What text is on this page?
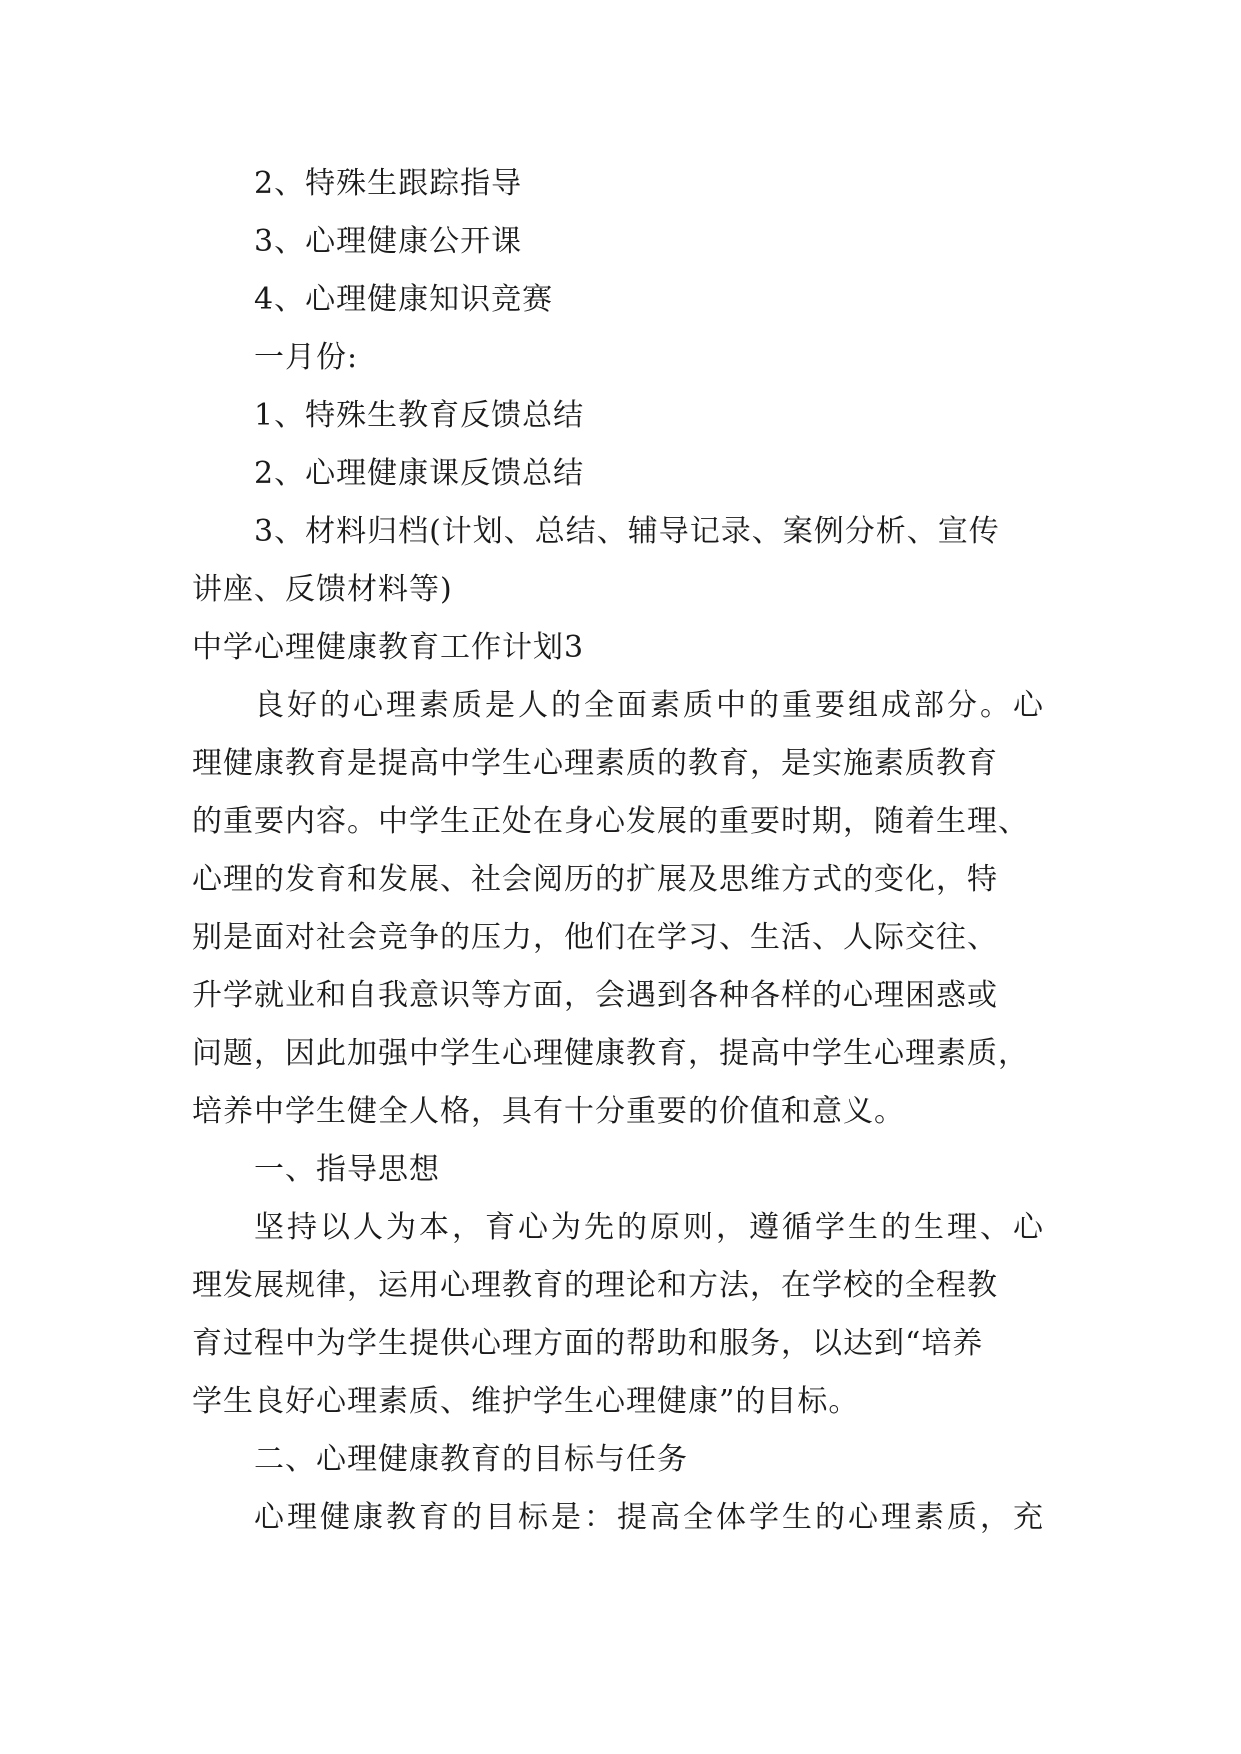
2、特殊生跟踪指导
3、心理健康公开课
4、心理健康知识竞赛
一月份:
1、特殊生教育反馈总结
2、心理健康课反馈总结
3、材料归档(计划、总结、辅导记录、案例分析、宣传
讲座、反馈材料等)
中学心理健康教育工作计划3
良好的心理素质是人的全面素质中的重要组成部分。心
理健康教育是提高中学生心理素质的教育，是实施素质教育
的重要内容。中学生正处在身心发展的重要时期，随着生理、
心理的发育和发展、社会阅历的扩展及思维方式的变化，特
别是面对社会竞争的压力，他们在学习、生活、人际交往、
升学就业和自我意识等方面，会遇到各种各样的心理困惑或
问题，因此加强中学生心理健康教育，提高中学生心理素质，
培养中学生健全人格，具有十分重要的价值和意义。
一、指导思想
坚持以人为本，育心为先的原则，遵循学生的生理、心
理发展规律，运用心理教育的理论和方法，在学校的全程教
育过程中为学生提供心理方面的帮助和服务，以达到“培养
学生良好心理素质、维护学生心理健康”的目标。
二、心理健康教育的目标与任务
心理健康教育的目标是：提高全体学生的心理素质，充
